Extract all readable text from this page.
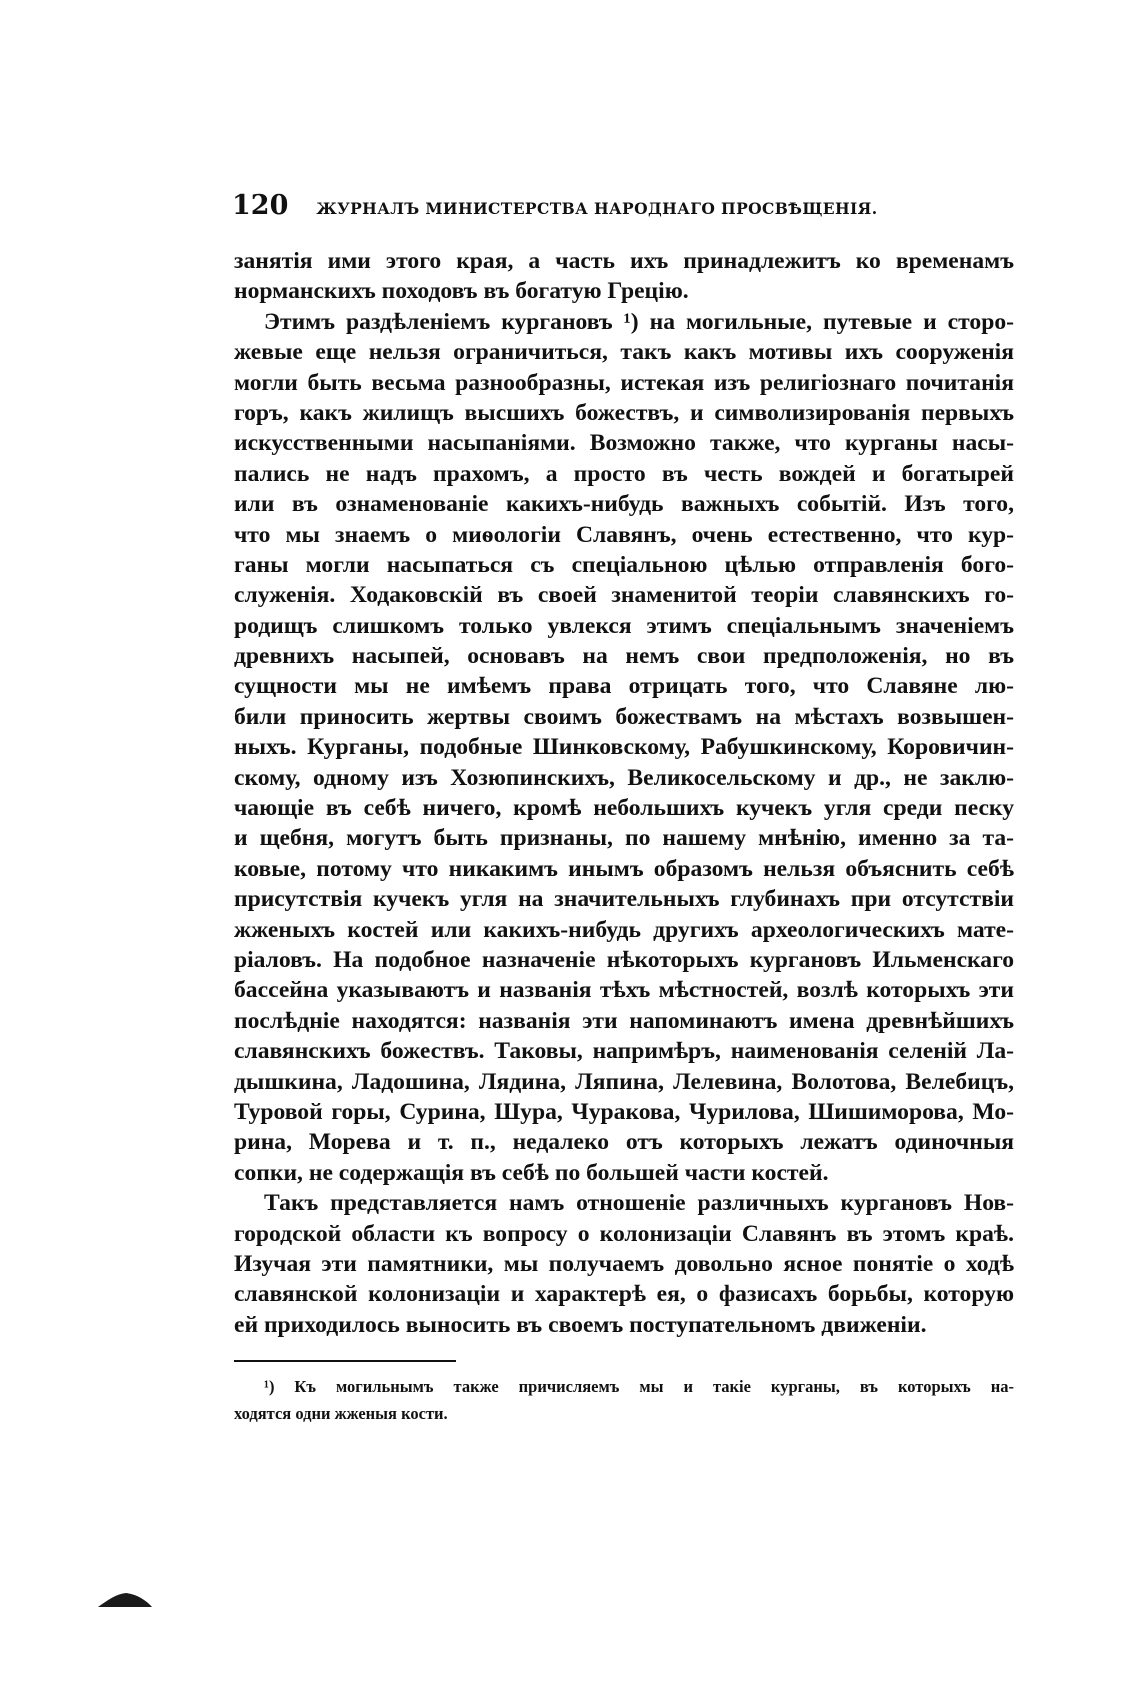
120 ЖУРНАЛЪ МИНИСТЕРСТВА НАРОДНАГО ПРОСВѢЩЕНІЯ.
занятія ими этого края, а часть ихъ принадлежитъ ко временамъ
норманскихъ походовъ въ богатую Грецію.
Этимъ раздѣленіемъ кургановъ ¹) на могильные, путевые и сторо-
жевые еще нельзя ограничиться, такъ какъ мотивы ихъ сооруженія
могли быть весьма разнообразны, истекая изъ религіознаго почитанія
горъ, какъ жилищъ высшихъ божествъ, и символизированія первыхъ
искусственными насыпаніями. Возможно также, что курганы насы-
пались не надъ прахомъ, а просто въ честь вождей и богатырей
или въ ознаменованіе какихъ-нибудь важныхъ событій. Изъ того,
что мы знаемъ о миѳологіи Славянъ, очень естественно, что кур-
ганы могли насыпаться съ спеціальною цѣлью отправленія бого-
служенія. Ходаковскій въ своей знаменитой теоріи славянскихъ го-
родищъ слишкомъ только увлекся этимъ спеціальнымъ значеніемъ
древнихъ насыпей, основавъ на немъ свои предположенія, но въ
сущности мы не имѣемъ права отрицать того, что Славяне лю-
били приносить жертвы своимъ божествамъ на мѣстахъ возвышен-
ныхъ. Курганы, подобные Шинковскому, Рабушкинскому, Коровичин-
скому, одному изъ Хозюпинскихъ, Великосельскому и др., не заклю-
чающіе въ себѣ ничего, кромѣ небольшихъ кучекъ угля среди песку
и щебня, могутъ быть признаны, по нашему мнѣнію, именно за та-
ковые, потому что никакимъ инымъ образомъ нельзя объяснить себѣ
присутствія кучекъ угля на значительныхъ глубинахъ при отсутствіи
жженыхъ костей или какихъ-нибудь другихъ археологическихъ мате-
ріаловъ. На подобное назначеніе нѣкоторыхъ кургановъ Ильменскаго
бассейна указываютъ и названія тѣхъ мѣстностей, возлѣ которыхъ эти
послѣдніе находятся: названія эти напоминаютъ имена древнѣйшихъ
славянскихъ божествъ. Таковы, напримѣръ, наименованія селеній Ла-
дышкина, Ладошина, Лядина, Ляпина, Лелевина, Волотова, Велебицъ,
Туровой горы, Сурина, Шура, Чуракова, Чурилова, Шишиморова, Мо-
рина, Морева и т. п., недалеко отъ которыхъ лежатъ одиночныя
сопки, не содержащія въ себѣ по большей части костей.
Такъ представляется намъ отношеніе различныхъ кургановъ Нов-
городской области къ вопросу о колонизаціи Славянъ въ этомъ краѣ.
Изучая эти памятники, мы получаемъ довольно ясное понятіе о ходѣ
славянской колонизаціи и характерѣ ея, о фазисахъ борьбы, которую
ей приходилось выносить въ своемъ поступательномъ движеніи.
¹) Къ могильнымъ также причисляемъ мы и такіе курганы, въ которыхъ на-
ходятся одни жженыя кости.
